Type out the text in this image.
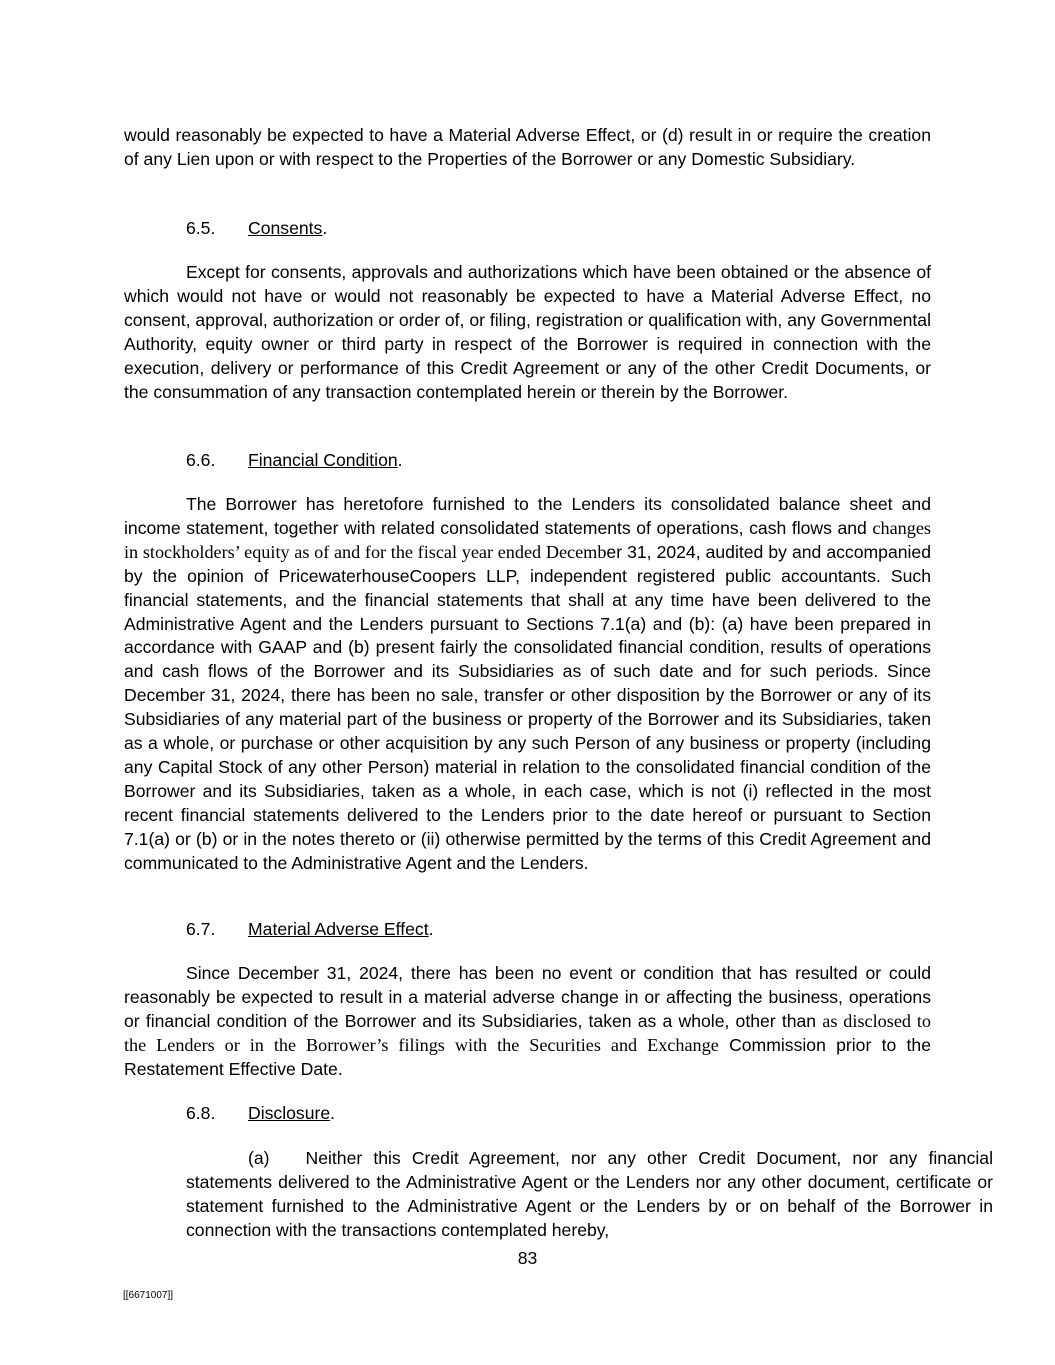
would reasonably be expected to have a Material Adverse Effect, or (d) result in or require the creation of any Lien upon or with respect to the Properties of the Borrower or any Domestic Subsidiary.

6.5. Consents.

Except for consents, approvals and authorizations which have been obtained or the absence of which would not have or would not reasonably be expected to have a Material Adverse Effect, no consent, approval, authorization or order of, or filing, registration or qualification with, any Governmental Authority, equity owner or third party in respect of the Borrower is required in connection with the execution, delivery or performance of this Credit Agreement or any of the other Credit Documents, or the consummation of any transaction contemplated herein or therein by the Borrower.

6.6. Financial Condition.

The Borrower has heretofore furnished to the Lenders its consolidated balance sheet and income statement, together with related consolidated statements of operations, cash flows and changes in stockholders’ equity as of and for the fiscal year ended December 31, 2024, audited by and accompanied by the opinion of PricewaterhouseCoopers LLP, independent registered public accountants. Such financial statements, and the financial statements that shall at any time have been delivered to the Administrative Agent and the Lenders pursuant to Sections 7.1(a) and (b): (a) have been prepared in accordance with GAAP and (b) present fairly the consolidated financial condition, results of operations and cash flows of the Borrower and its Subsidiaries as of such date and for such periods. Since December 31, 2024, there has been no sale, transfer or other disposition by the Borrower or any of its Subsidiaries of any material part of the business or property of the Borrower and its Subsidiaries, taken as a whole, or purchase or other acquisition by any such Person of any business or property (including any Capital Stock of any other Person) material in relation to the consolidated financial condition of the Borrower and its Subsidiaries, taken as a whole, in each case, which is not (i) reflected in the most recent financial statements delivered to the Lenders prior to the date hereof or pursuant to Section 7.1(a) or (b) or in the notes thereto or (ii) otherwise permitted by the terms of this Credit Agreement and communicated to the Administrative Agent and the Lenders.

6.7. Material Adverse Effect.

Since December 31, 2024, there has been no event or condition that has resulted or could reasonably be expected to result in a material adverse change in or affecting the business, operations or financial condition of the Borrower and its Subsidiaries, taken as a whole, other than as disclosed to the Lenders or in the Borrower’s filings with the Securities and Exchange Commission prior to the Restatement Effective Date.

6.8. Disclosure.

(a) Neither this Credit Agreement, nor any other Credit Document, nor any financial statements delivered to the Administrative Agent or the Lenders nor any other document, certificate or statement furnished to the Administrative Agent or the Lenders by or on behalf of the Borrower in connection with the transactions contemplated hereby,

83
[[6671007]]
